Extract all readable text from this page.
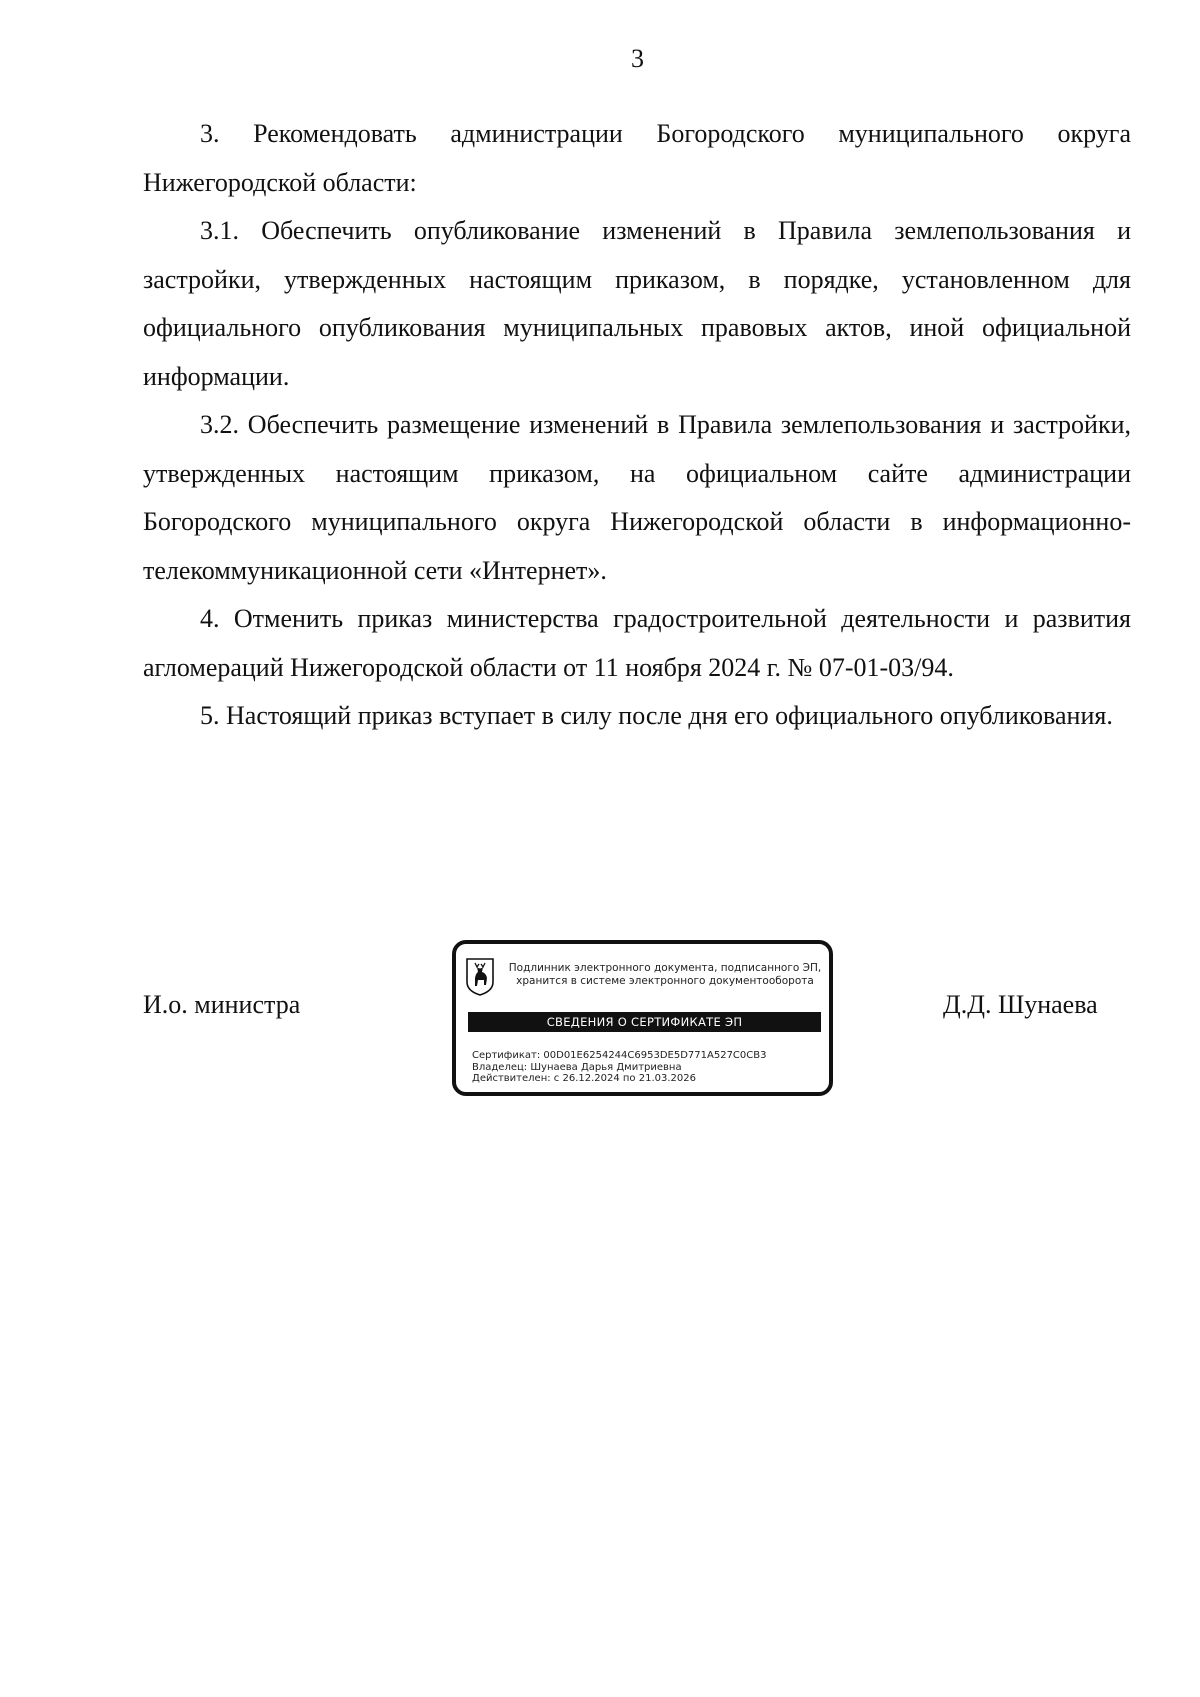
3

3. Рекомендовать администрации Богородского муниципального округа Нижегородской области:

3.1. Обеспечить опубликование изменений в Правила землепользования и застройки, утвержденных настоящим приказом, в порядке, установленном для официального опубликования муниципальных правовых актов, иной официальной информации.

3.2. Обеспечить размещение изменений в Правила землепользования и застройки, утвержденных настоящим приказом, на официальном сайте администрации Богородского муниципального округа Нижегородской области в информационно-телекоммуникационной сети «Интернет».

4. Отменить приказ министерства градостроительной деятельности и развития агломераций Нижегородской области от 11 ноября 2024 г. № 07-01-03/94.

5. Настоящий приказ вступает в силу после дня его официального опубликования.

И.о. министра
Подлинник электронного документа, подписанного ЭП,
хранится в системе электронного документооборота
СВЕДЕНИЯ О СЕРТИФИКАТЕ ЭП
Сертификат: 00D01E6254244C6953DE5D771A527C0CB3
Владелец: Шунаева Дарья Дмитриевна
Действителен: с 26.12.2024 по 21.03.2026
Д.Д. Шунаева
